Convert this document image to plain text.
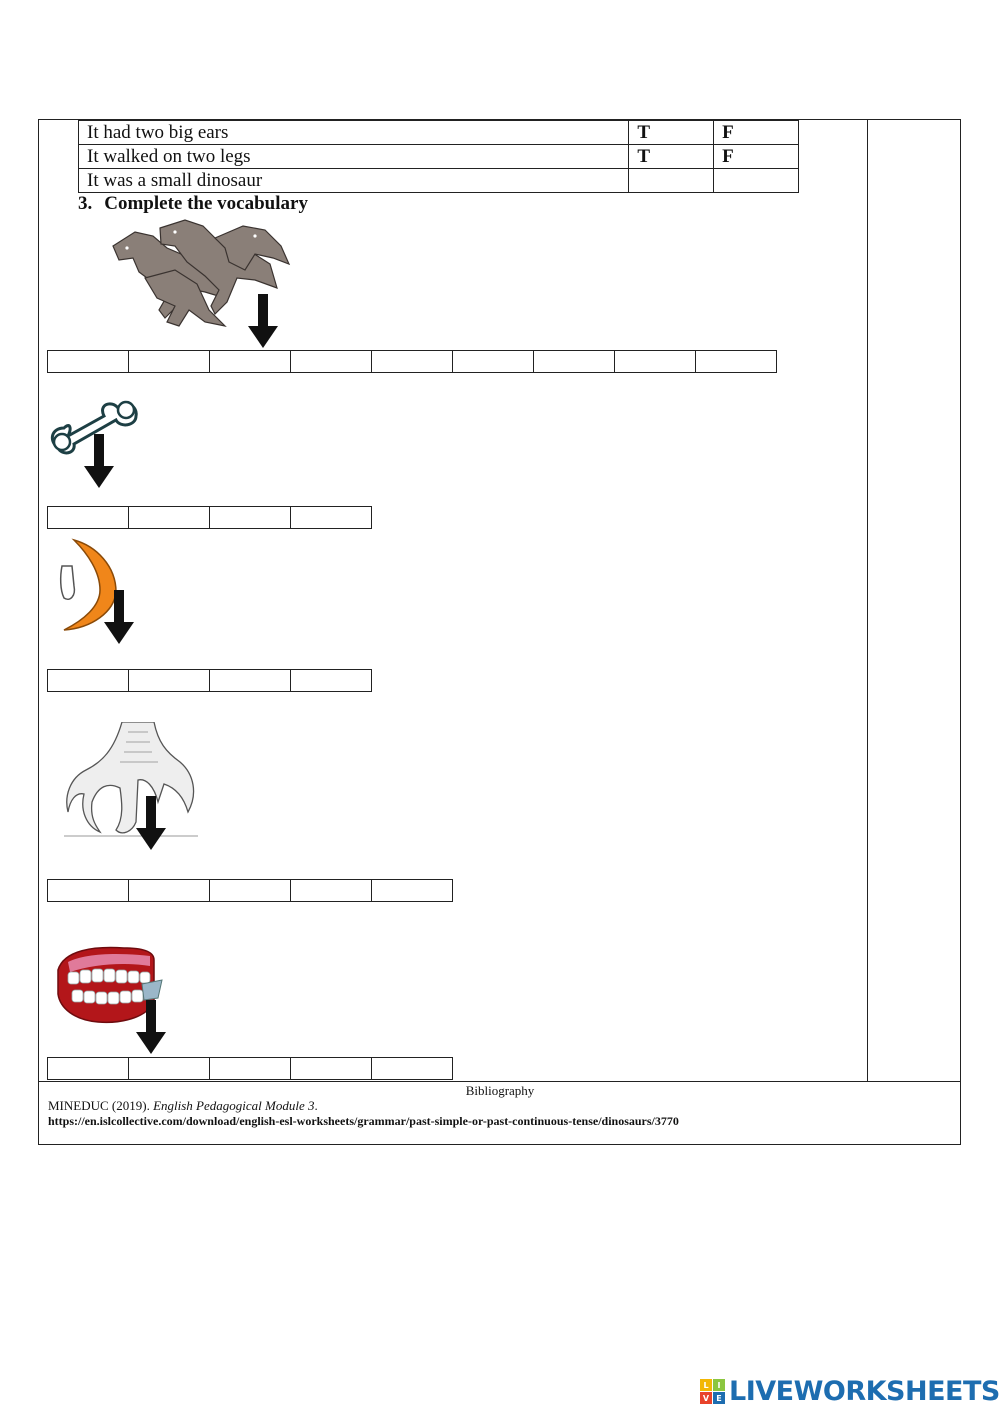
It had two big ears	T	F
It walked on two legs	T	F
It was a small dinosaur		
3. Complete the vocabulary
Bibliography
MINEDUC (2019). English Pedagogical Module 3.
https://en.islcollective.com/download/english-esl-worksheets/grammar/past-simple-or-past-continuous-tense/dinosaurs/3770
L	I
V E LIVEWORKSHEETS
